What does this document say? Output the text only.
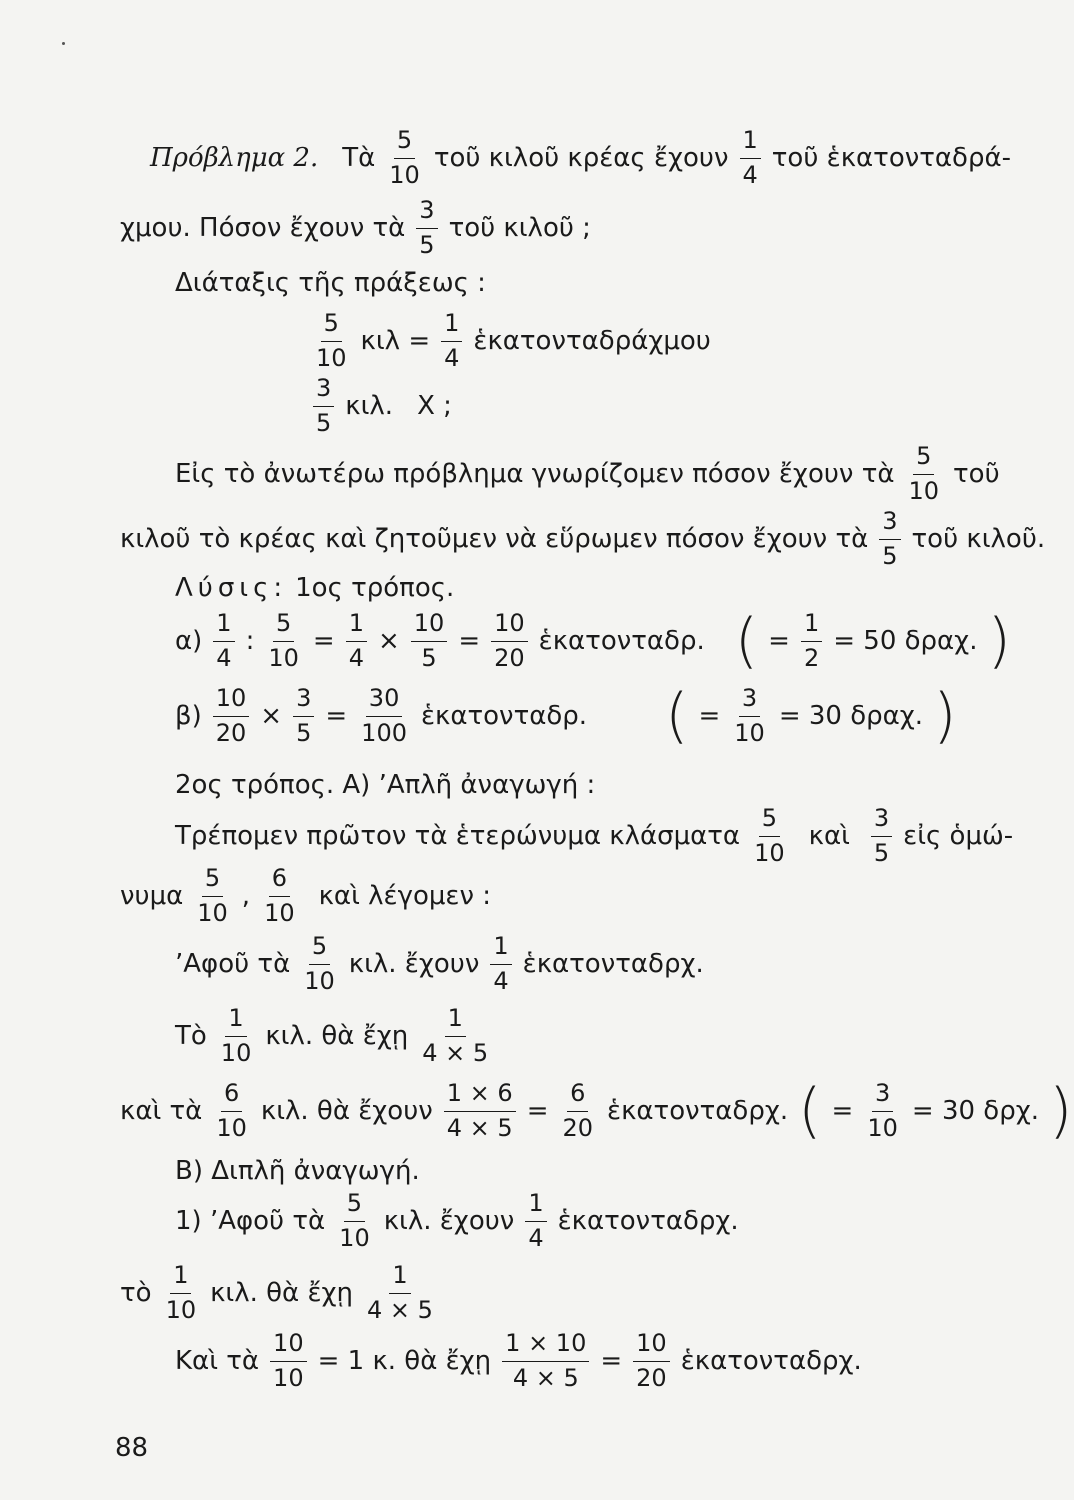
Πρόβλημα 2. Τὰ $\frac{5}{10}$ τοῦ κιλοῦ κρέας ἔχουν $\frac{1}{4}$ τοῦ ἑκατονταδρά-
χμου. Πόσον ἔχουν τὰ $\frac{3}{5}$ τοῦ κιλοῦ ;
Διάταξις τῆς πράξεως :
$\frac{5}{10}$ $\kappa\iota\lambda = \frac{1}{4}$ ἑκατονταδράχμου
$\frac{3}{5} \kappa\iota\lambda$. X ;
Εἰς τὸ ἀνωτέρω πρόβλημα γνωρίζομεν πόσον ἔχουν τὰ $\frac{5}{10}$ τοῦ
κιλοῦ τὸ κρέας καὶ ζητοῦμεν νὰ εὕρωμεν πόσον ἔχουν τὰ $\frac{3}{5}$ τοῦ κιλοῦ.
Λύσις: 1ος τρόπος.
$\alpha) \frac{1}{4}$ : $\frac{5}{10} = \frac{1}{4} \times \frac{10}{5} = \frac{10}{20}$ ἑκατονταδρ. ( = $\frac{1}{2} = 50$ δραχ. )
$\beta) \frac{10}{20} \times \frac{3}{5} = \frac{30}{100}$ ἑκατονταδρ. ( = $\frac{3}{10} = 30$ δραχ. )
2ος τρόπος. A) ʼΑπλῆ ἀναγωγή :
Τρέπομεν πρῶτον τὰ ἑτερώνυμα κλάσματα $\frac{5}{10}$ καὶ $\frac{3}{5}$ εἰς ὁμώ-
νυμα $\frac{5}{10}$ , $\frac{6}{10}$ καὶ λέγομεν :
ʼΑφοῦ τὰ $\frac{5}{10} \kappa\iota\lambda$. ἔχουν $\frac{1}{4}$ ἑκατονταδρχ.
Τὸ $\frac{1}{10} \kappa\iota\lambda$. θὰ ἔχῃ $\frac{1}{4 \times 5}$
καὶ τὰ $\frac{6}{10} \kappa\iota\lambda$. θὰ ἔχουν $\frac{1 \times 6}{4 \times 5} = \frac{6}{20}$ ἑκατονταδρχ. ( = $\frac{3}{10} = 30$ δρχ. )
B) Διπλῆ ἀναγωγή.
1) ʼΑφοῦ τὰ $\frac{5}{10} \kappa\iota\lambda$. ἔχουν $\frac{1}{4}$ ἑκατονταδρχ.
τὸ $\frac{1}{10} \kappa\iota\lambda$. θὰ ἔχῃ $\frac{1}{4 \times 5}$
Καὶ τὰ $\frac{10}{10} = 1$ κ. θὰ ἔχῃ $\frac{1 \times 10}{4 \times 5} = \frac{10}{20}$ ἑκατονταδρχ.
88
